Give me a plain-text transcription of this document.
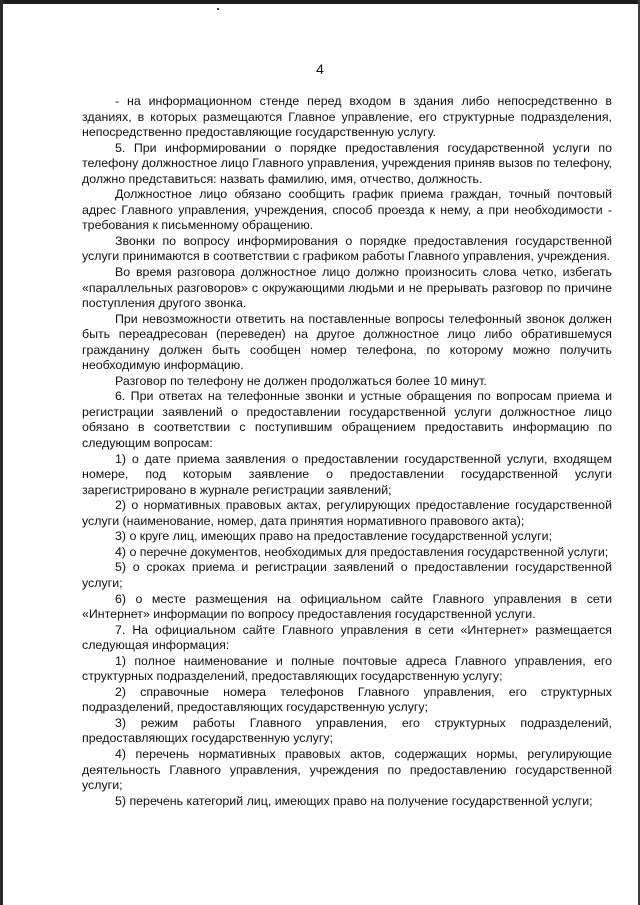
4

- на информационном стенде перед входом в здания либо непосредственно в зданиях, в которых размещаются Главное управление, его структурные подразделения, непосредственно предоставляющие государственную услугу.

5. При информировании о порядке предоставления государственной услуги по телефону должностное лицо Главного управления, учреждения приняв вызов по телефону, должно представиться: назвать фамилию, имя, отчество, должность.

Должностное лицо обязано сообщить график приема граждан, точный почтовый адрес Главного управления, учреждения, способ проезда к нему, а при необходимости - требования к письменному обращению.

Звонки по вопросу информирования о порядке предоставления государственной услуги принимаются в соответствии с графиком работы Главного управления, учреждения.

Во время разговора должностное лицо должно произносить слова четко, избегать «параллельных разговоров» с окружающими людьми и не прерывать разговор по причине поступления другого звонка.

При невозможности ответить на поставленные вопросы телефонный звонок должен быть переадресован (переведен) на другое должностное лицо либо обратившемуся гражданину должен быть сообщен номер телефона, по которому можно получить необходимую информацию.

Разговор по телефону не должен продолжаться более 10 минут.

6. При ответах на телефонные звонки и устные обращения по вопросам приема и регистрации заявлений о предоставлении государственной услуги должностное лицо обязано в соответствии с поступившим обращением предоставить информацию по следующим вопросам:

1) о дате приема заявления о предоставлении государственной услуги, входящем номере, под которым заявление о предоставлении государственной услуги зарегистрировано в журнале регистрации заявлений;

2) о нормативных правовых актах, регулирующих предоставление государственной услуги (наименование, номер, дата принятия нормативного правового акта);

3) о круге лиц, имеющих право на предоставление государственной услуги;

4) о перечне документов, необходимых для предоставления государственной услуги;

5) о сроках приема и регистрации заявлений о предоставлении государственной услуги;

6) о месте размещения на официальном сайте Главного управления в сети «Интернет» информации по вопросу предоставления государственной услуги.

7. На официальном сайте Главного управления в сети «Интернет» размещается следующая информация:

1) полное наименование и полные почтовые адреса Главного управления, его структурных подразделений, предоставляющих государственную услугу;

2) справочные номера телефонов Главного управления, его структурных подразделений, предоставляющих государственную услугу;

3) режим работы Главного управления, его структурных подразделений, предоставляющих государственную услугу;

4) перечень нормативных правовых актов, содержащих нормы, регулирующие деятельность Главного управления, учреждения по предоставлению государственной услуги;

5) перечень категорий лиц, имеющих право на получение государственной услуги;
